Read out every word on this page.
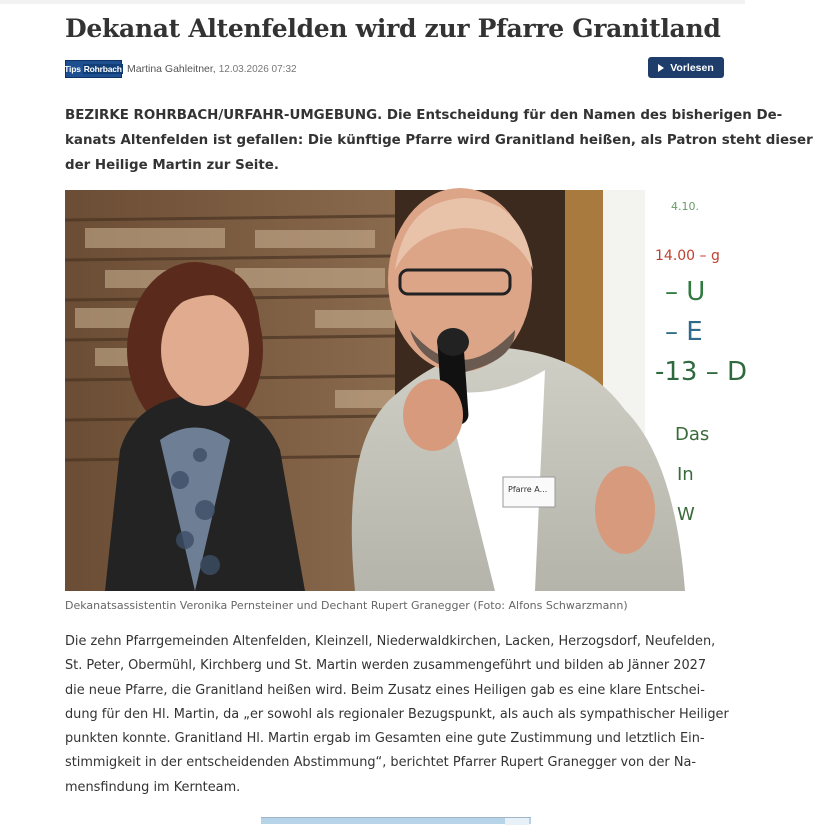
Dekanat Altenfelden wird zur Pfarre Granitland
Tips Rohrbach Martina Gahleitner, 12.03.2026 07:32	Vorlesen
BEZIRKE ROHRBACH/URFAHR-UMGEBUNG. Die Entscheidung für den Namen des bisherigen De-
kanats Altenfelden ist gefallen: Die künftige Pfarre wird Granitland heißen, als Patron steht dieser
der Heilige Martin zur Seite.
4.10.
14.00 – g
– U
– E
-13 – D
Das
In
W
Pfarre A...
Dekanatsassistentin Veronika Pernsteiner und Dechant Rupert Granegger (Foto: Alfons Schwarzmann)
Die zehn Pfarrgemeinden Altenfelden, Kleinzell, Niederwaldkirchen, Lacken, Herzogsdorf, Neufelden,
St. Peter, Obermühl, Kirchberg und St. Martin werden zusammengeführt und bilden ab Jänner 2027
die neue Pfarre, die Granitland heißen wird. Beim Zusatz eines Heiligen gab es eine klare Entschei-
dung für den Hl. Martin, da „er sowohl als regionaler Bezugspunkt, als auch als sympathischer Heiliger
punkten konnte. Granitland Hl. Martin ergab im Gesamten eine gute Zustimmung und letztlich Ein-
stimmigkeit in der entscheidenden Abstimmung“, berichtet Pfarrer Rupert Granegger von der Na-
mensfindung im Kernteam.
